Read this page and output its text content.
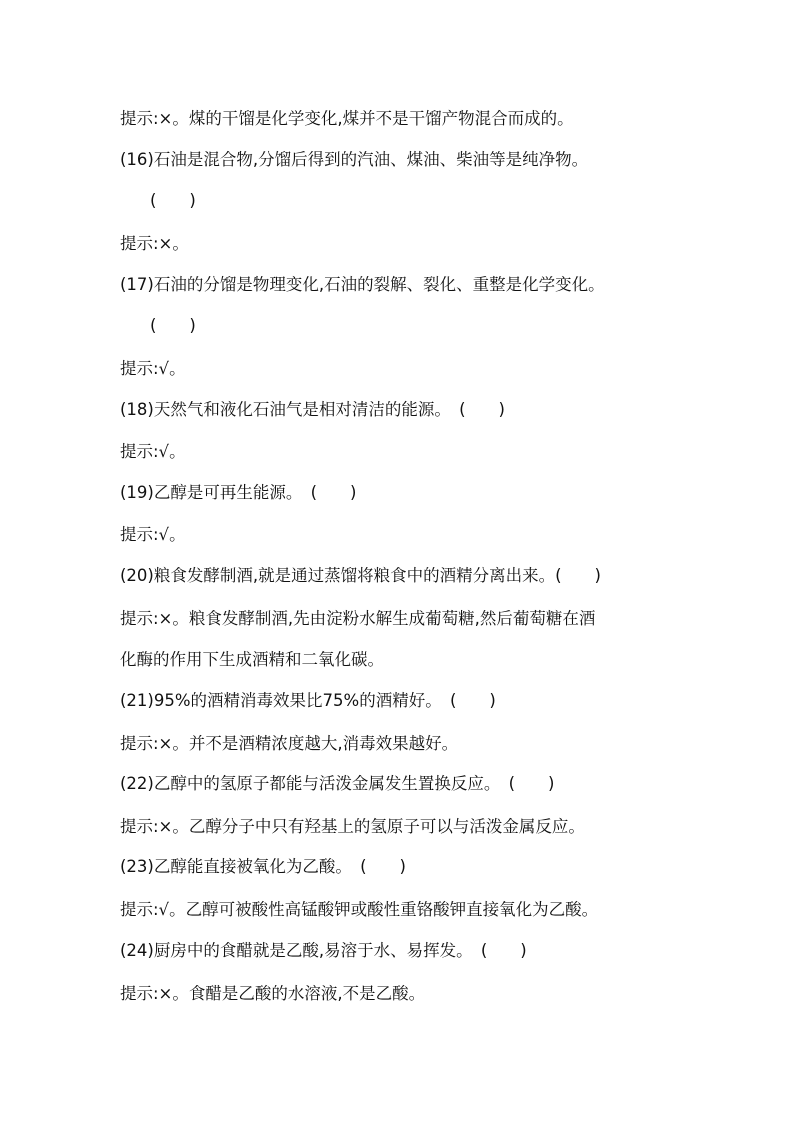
提示:×。煤的干馏是化学变化,煤并不是干馏产物混合而成的。
(16)石油是混合物,分馏后得到的汽油、煤油、柴油等是纯净物。
(　　)
提示:×。
(17)石油的分馏是物理变化,石油的裂解、裂化、重整是化学变化。
(　　)
提示:√。
(18)天然气和液化石油气是相对清洁的能源。　(　　)
提示:√。
(19)乙醇是可再生能源。　(　　)
提示:√。
(20)粮食发酵制酒,就是通过蒸馏将粮食中的酒精分离出来。(　　)
提示:×。粮食发酵制酒,先由淀粉水解生成葡萄糖,然后葡萄糖在酒
化酶的作用下生成酒精和二氧化碳。
(21)95%的酒精消毒效果比75%的酒精好。　(　　)
提示:×。并不是酒精浓度越大,消毒效果越好。
(22)乙醇中的氢原子都能与活泼金属发生置换反应。　(　　)
提示:×。乙醇分子中只有羟基上的氢原子可以与活泼金属反应。
(23)乙醇能直接被氧化为乙酸。　(　　)
提示:√。乙醇可被酸性高锰酸钾或酸性重铬酸钾直接氧化为乙酸。
(24)厨房中的食醋就是乙酸,易溶于水、易挥发。　(　　)
提示:×。食醋是乙酸的水溶液,不是乙酸。
